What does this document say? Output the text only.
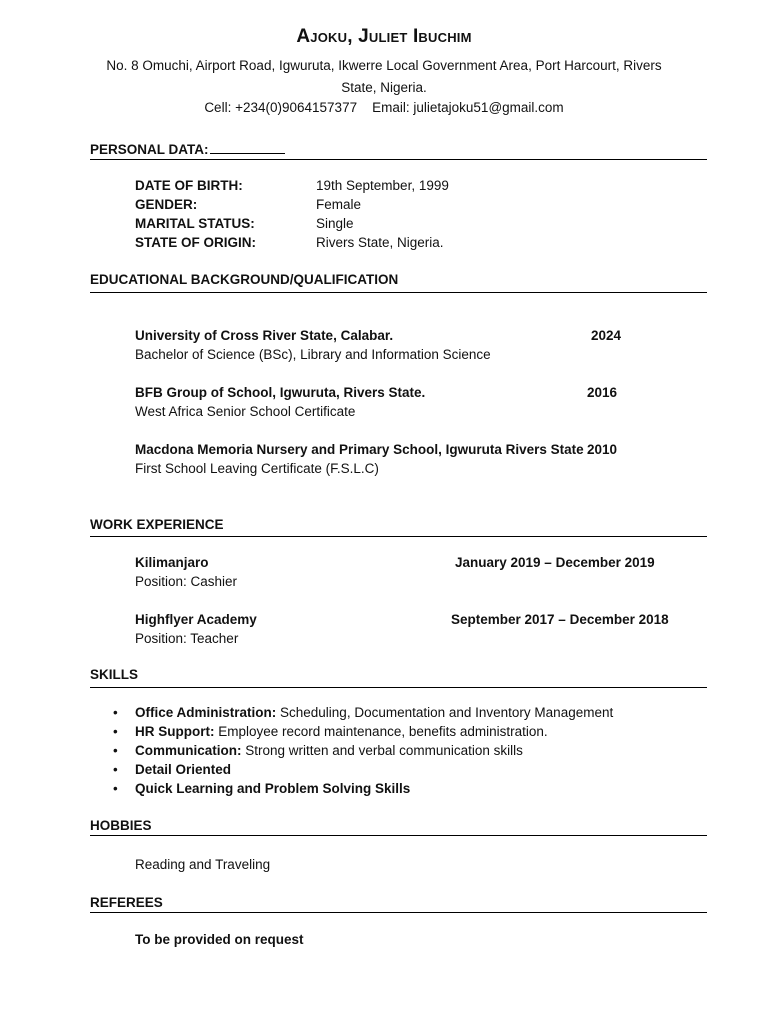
Ajoku, Juliet Ibuchim
No. 8 Omuchi, Airport Road, Igwuruta, Ikwerre Local Government Area, Port Harcourt, Rivers State, Nigeria.
Cell: +234(0)9064157377 Email: julietajoku51@gmail.com
PERSONAL DATA:
DATE OF BIRTH:	19th September, 1999
GENDER:	Female
MARITAL STATUS:	Single
STATE OF ORIGIN:	Rivers State, Nigeria.
EDUCATIONAL BACKGROUND/QUALIFICATION
University of Cross River State, Calabar.	2024
Bachelor of Science (BSc), Library and Information Science
BFB Group of School, Igwuruta, Rivers State.	2016
West Africa Senior School Certificate
Macdona Memoria Nursery and Primary School, Igwuruta Rivers State 2010
First School Leaving Certificate (F.S.L.C)
WORK EXPERIENCE
Kilimanjaro	January 2019 – December 2019
Position: Cashier
Highflyer Academy	September 2017 – December 2018
Position: Teacher
SKILLS
• Office Administration: Scheduling, Documentation and Inventory Management
• HR Support: Employee record maintenance, benefits administration.
• Communication: Strong written and verbal communication skills
• Detail Oriented
• Quick Learning and Problem Solving Skills
HOBBIES
Reading and Traveling
REFEREES
To be provided on request
